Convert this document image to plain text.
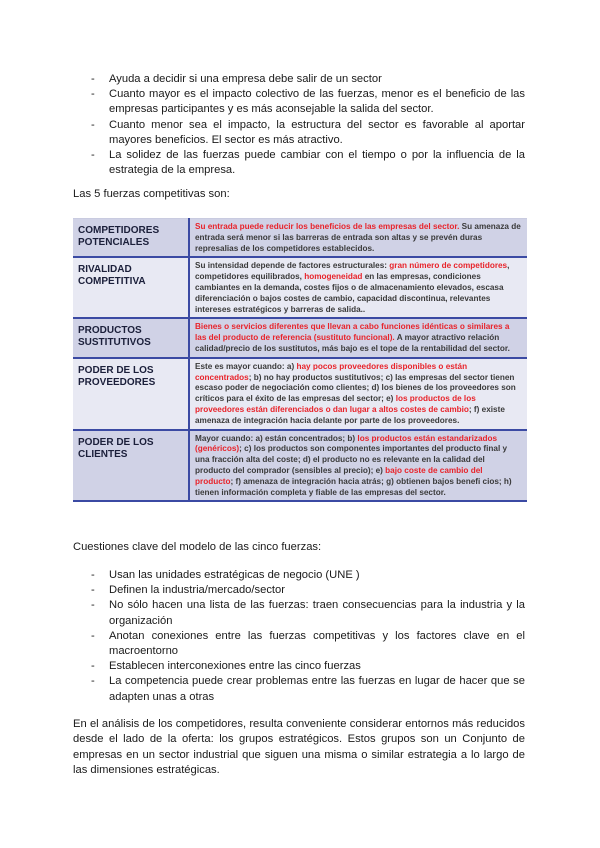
- Ayuda a decidir si una empresa debe salir de un sector
- Cuanto mayor es el impacto colectivo de las fuerzas, menor es el beneficio de las empresas participantes y es más aconsejable la salida del sector.
- Cuanto menor sea el impacto, la estructura del sector es favorable al aportar mayores beneficios. El sector es más atractivo.
- La solidez de las fuerzas puede cambiar con el tiempo o por la influencia de la estrategia de la empresa.
Las 5 fuerzas competitivas son:
COMPETIDORES POTENCIALES	Su entrada puede reducir los beneficios de las empresas del sector. Su amenaza de entrada será menor si las barreras de entrada son altas y se prevén duras represalias de los competidores establecidos.
RIVALIDAD COMPETITIVA	Su intensidad depende de factores estructurales: gran número de competidores, competidores equilibrados, homogeneidad en las empresas, condiciones cambiantes en la demanda, costes fijos o de almacenamiento elevados, escasa diferenciación o bajos costes de cambio, capacidad discontinua, relevantes intereses estratégicos y barreras de salida..
PRODUCTOS SUSTITUTIVOS	Bienes o servicios diferentes que llevan a cabo funciones idénticas o similares a las del producto de referencia (sustituto funcional). A mayor atractivo relación calidad/precio de los sustitutos, más bajo es el tope de la rentabilidad del sector.
PODER DE LOS PROVEEDORES	Este es mayor cuando: a) hay pocos proveedores disponibles o están concentrados; b) no hay productos sustitutivos; c) las empresas del sector tienen escaso poder de negociación como clientes; d) los bienes de los proveedores son críticos para el éxito de las empresas del sector; e) los productos de los proveedores están diferenciados o dan lugar a altos costes de cambio; f) existe amenaza de integración hacia delante por parte de los proveedores.
PODER DE LOS CLIENTES	Mayor cuando: a) están concentrados; b) los productos están estandarizados (genéricos); c) los productos son componentes importantes del producto final y una fracción alta del coste; d) el producto no es relevante en la calidad del producto del comprador (sensibles al precio); e) bajo coste de cambio del producto; f) amenaza de integración hacia atrás; g) obtienen bajos benefi cios; h) tienen información completa y fiable de las empresas del sector.
Cuestiones clave del modelo de las cinco fuerzas:
- Usan las unidades estratégicas de negocio (UNE )
- Definen la industria/mercado/sector
- No sólo hacen una lista de las fuerzas: traen consecuencias para la industria y la organización
- Anotan conexiones entre las fuerzas competitivas y los factores clave en el macroentorno
- Establecen interconexiones entre las cinco fuerzas
- La competencia puede crear problemas entre las fuerzas en lugar de hacer que se adapten unas a otras
En el análisis de los competidores, resulta conveniente considerar entornos más reducidos desde el lado de la oferta: los grupos estratégicos. Estos grupos son un Conjunto de empresas en un sector industrial que siguen una misma o similar estrategia a lo largo de las dimensiones estratégicas.
